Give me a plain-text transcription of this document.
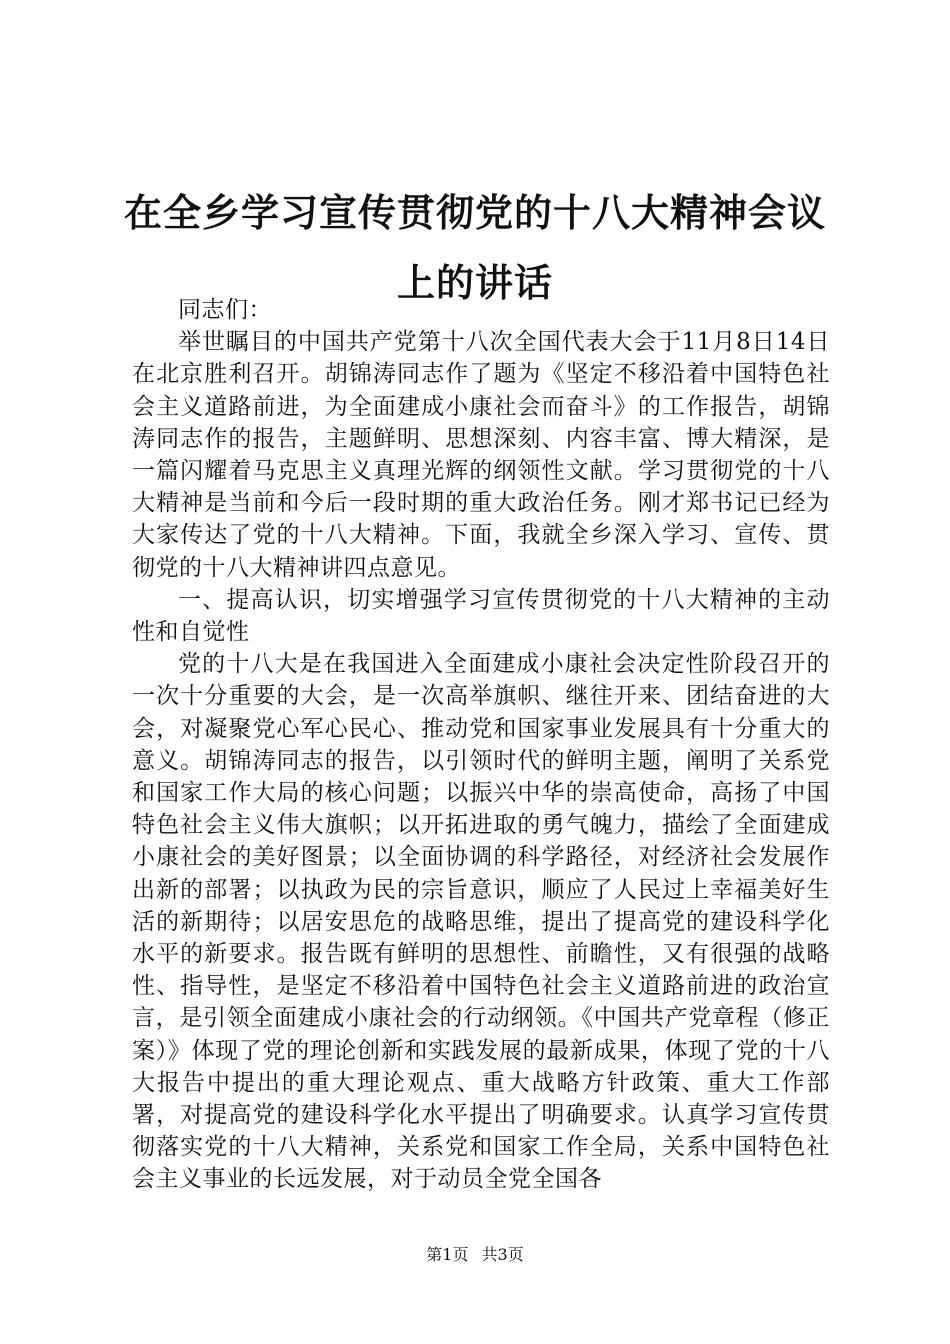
在全乡学习宣传贯彻党的十八大精神会议上的讲话

同志们：

举世瞩目的中国共产党第十八次全国代表大会于11月8日14日在北京胜利召开。胡锦涛同志作了题为《坚定不移沿着中国特色社会主义道路前进，为全面建成小康社会而奋斗》的工作报告，胡锦涛同志作的报告，主题鲜明、思想深刻、内容丰富、博大精深，是一篇闪耀着马克思主义真理光辉的纲领性文献。学习贯彻党的十八大精神是当前和今后一段时期的重大政治任务。刚才郑书记已经为大家传达了党的十八大精神。下面，我就全乡深入学习、宣传、贯彻党的十八大精神讲四点意见。

一、提高认识，切实增强学习宣传贯彻党的十八大精神的主动性和自觉性

党的十八大是在我国进入全面建成小康社会决定性阶段召开的一次十分重要的大会，是一次高举旗帜、继往开来、团结奋进的大会，对凝聚党心军心民心、推动党和国家事业发展具有十分重大的意义。胡锦涛同志的报告，以引领时代的鲜明主题，阐明了关系党和国家工作大局的核心问题；以振兴中华的崇高使命，高扬了中国特色社会主义伟大旗帜；以开拓进取的勇气魄力，描绘了全面建成小康社会的美好图景；以全面协调的科学路径，对经济社会发展作出新的部署；以执政为民的宗旨意识，顺应了人民过上幸福美好生活的新期待；以居安思危的战略思维，提出了提高党的建设科学化水平的新要求。报告既有鲜明的思想性、前瞻性，又有很强的战略性、指导性，是坚定不移沿着中国特色社会主义道路前进的政治宣言，是引领全面建成小康社会的行动纲领。《中国共产党章程（修正案）》体现了党的理论创新和实践发展的最新成果，体现了党的十八大报告中提出的重大理论观点、重大战略方针政策、重大工作部署，对提高党的建设科学化水平提出了明确要求。认真学习宣传贯彻落实党的十八大精神，关系党和国家工作全局，关系中国特色社会主义事业的长远发展，对于动员全党全国各

第1页 共3页
